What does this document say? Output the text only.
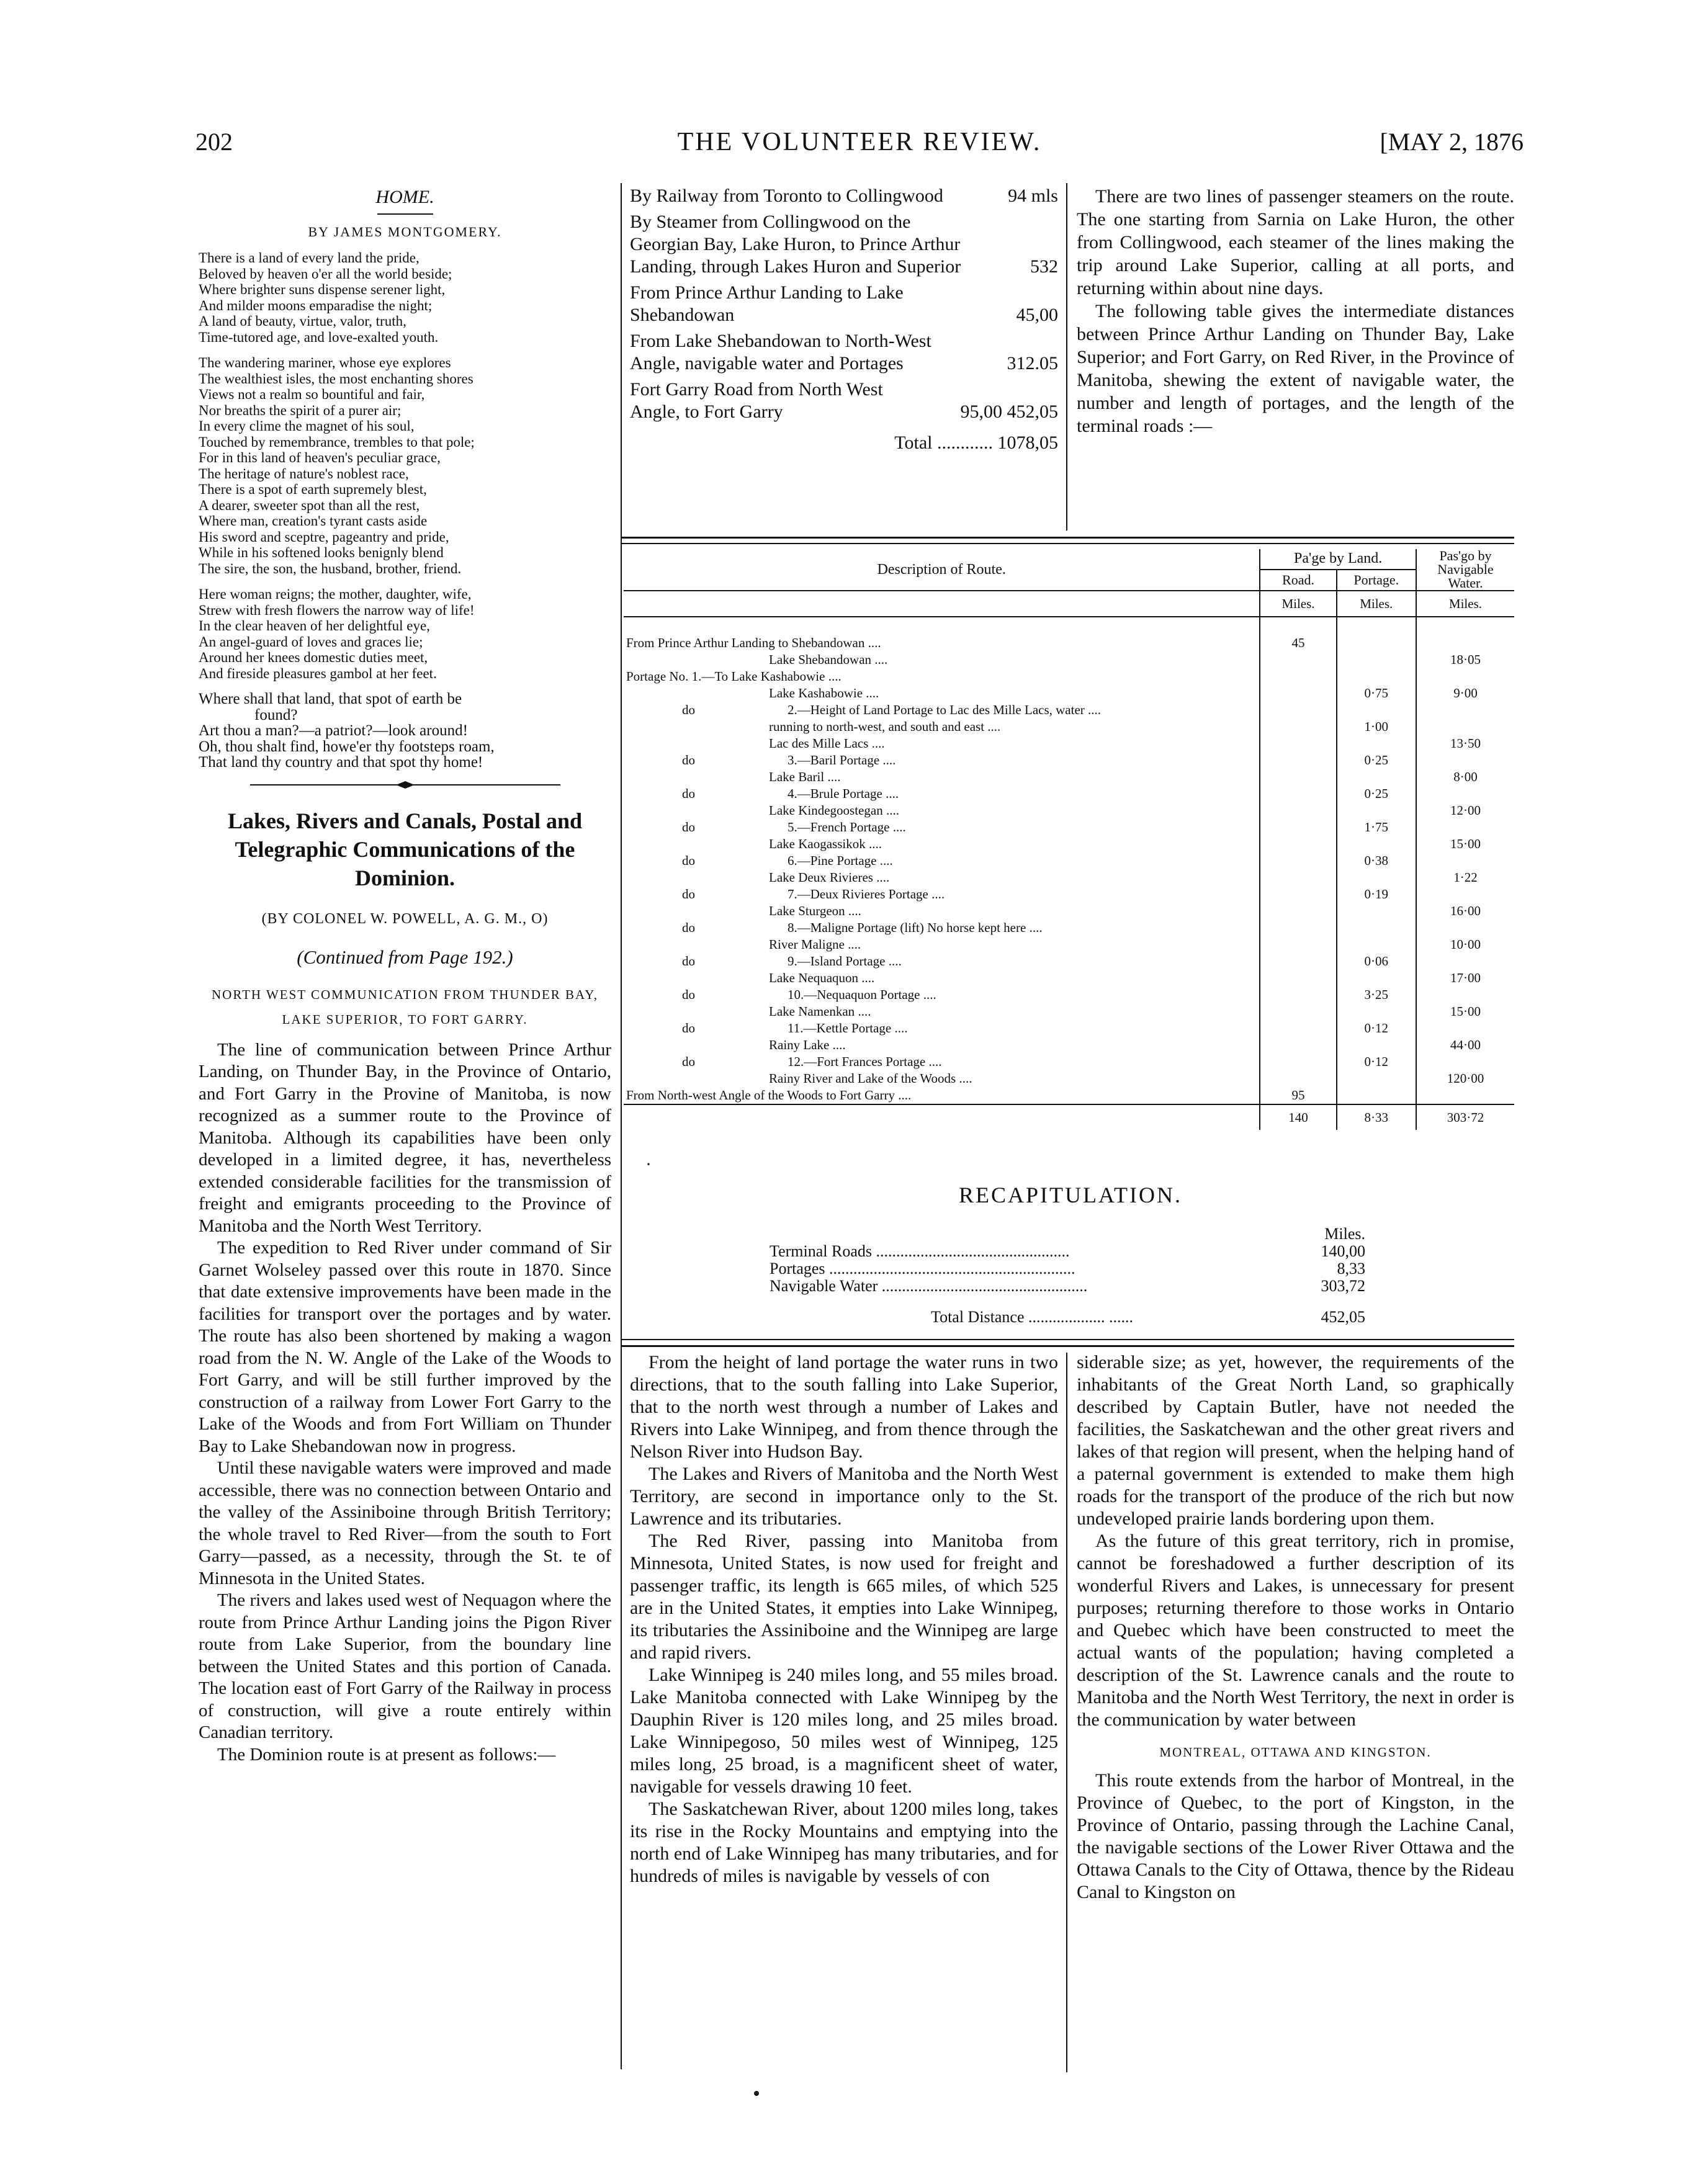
202	THE VOLUNTEER REVIEW.	[MAY 2, 1876
HOME.
BY JAMES MONTGOMERY.
There is a land of every land the pride,
Beloved by heaven o'er all the world beside;
Where brighter suns dispense serener light,
And milder moons emparadise the night;
A land of beauty, virtue, valor, truth,
Time-tutored age, and love-exalted youth.
The wandering mariner, whose eye explores
The wealthiest isles, the most enchanting shores
Views not a realm so bountiful and fair,
Nor breaths the spirit of a purer air;
In every clime the magnet of his soul,
Touched by remembrance, trembles to that pole;
For in this land of heaven's peculiar grace,
The heritage of nature's noblest race,
There is a spot of earth supremely blest,
A dearer, sweeter spot than all the rest,
Where man, creation's tyrant casts aside
His sword and sceptre, pageantry and pride,
While in his softened looks benignly blend
The sire, the son, the husband, brother, friend.
Here woman reigns; the mother, daughter, wife,
Strew with fresh flowers the narrow way of life!
In the clear heaven of her delightful eye,
An angel-guard of loves and graces lie;
Around her knees domestic duties meet,
And fireside pleasures gambol at her feet.
Where shall that land, that spot of earth be
found?
Art thou a man?—a patriot?—look around!
Oh, thou shalt find, howe'er thy footsteps roam,
That land thy country and that spot thy home!
Lakes, Rivers and Canals, Postal and Telegraphic Communications of the Dominion.
(BY COLONEL W. POWELL, A. G. M., O)
(Continued from Page 192.)
NORTH WEST COMMUNICATION FROM THUNDER BAY, LAKE SUPERIOR, TO FORT GARRY.

The line of communication between Prince Arthur Landing, on Thunder Bay, in the Province of Ontario, and Fort Garry in the Provine of Manitoba, is now recognized as a summer route to the Province of Manitoba. Although its capabilities have been only developed in a limited degree, it has, nevertheless extended considerable facilities for the transmission of freight and emigrants proceeding to the Province of Manitoba and the North West Territory.

The expedition to Red River under command of Sir Garnet Wolseley passed over this route in 1870. Since that date extensive improvements have been made in the facilities for transport over the portages and by water. The route has also been shortened by making a wagon road from the N. W. Angle of the Lake of the Woods to Fort Garry, and will be still further improved by the construction of a railway from Lower Fort Garry to the Lake of the Woods and from Fort William on Thunder Bay to Lake Shebandowan now in progress.

Until these navigable waters were improved and made accessible, there was no connection between Ontario and the valley of the Assiniboine through British Territory; the whole travel to Red River—from the south to Fort Garry—passed, as a necessity, through the St. te of Minnesota in the United States.

The rivers and lakes used west of Nequagon where the route from Prince Arthur Landing joins the Pigon River route from Lake Superior, from the boundary line between the United States and this portion of Canada. The location east of Fort Garry of the Railway in process of construction, will give a route entirely within Canadian territory.

The Dominion route is at present as follows:—

By Railway from Toronto to Collingwood	94 mls
By Steamer from Collingwood on the Georgian Bay, Lake Huron, to Prince Arthur Landing, through Lakes Huron and Superior	532
From Prince Arthur Landing to Lake Shebandowan	45,00
From Lake Shebandowan to North-West Angle, navigable water and Portages	312.05
Fort Garry Road from North West Angle, to Fort Garry	95,00 452,05
Total ............ 1078,05

There are two lines of passenger steamers on the route. The one starting from Sarnia on Lake Huron, the other from Collingwood, each steamer of the lines making the trip around Lake Superior, calling at all ports, and returning within about nine days.

The following table gives the intermediate distances between Prince Arthur Landing on Thunder Bay, Lake Superior; and Fort Garry, on Red River, in the Province of Manitoba, shewing the extent of navigable water, the number and length of portages, and the length of the terminal roads :—

Description of Route.	Pa'ge by Land.		Pas'go by Navigable Water.
	Road.	Portage.	
	Miles.	Miles.	Miles.

From Prince Arthur Landing to Shebandowan ....	45		
Lake Shebandowan ....			18·05
Portage No. 1.—To Lake Kashabowie ....			
Lake Kashabowie ....		0·75	9·00
do 2.—Height of Land Portage to Lac des Mille Lacs, water ....			
running to north-west, and south and east ....		1·00	
Lac des Mille Lacs ....			13·50
do 3.—Baril Portage ....		0·25	
Lake Baril ....			8·00
do 4.—Brule Portage ....		0·25	
Lake Kindegoostegan ....			12·00
do 5.—French Portage ....		1·75	
Lake Kaogassikok ....			15·00
do 6.—Pine Portage ....		0·38	
Lake Deux Rivieres ....			1·22
do 7.—Deux Rivieres Portage ....		0·19	
Lake Sturgeon ....			16·00
do 8.—Maligne Portage (lift) No horse kept here ....			
River Maligne ....			10·00
do 9.—Island Portage ....		0·06	
Lake Nequaquon ....			17·00
do 10.—Nequaquon Portage ....		3·25	
Lake Namenkan ....			15·00
do 11.—Kettle Portage ....		0·12	
Rainy Lake ....			44·00
do 12.—Fort Frances Portage ....		0·12	
Rainy River and Lake of the Woods ....			120·00
From North-west Angle of the Woods to Fort Garry ....	95		
	140	8·33	303·72
·
RECAPITULATION.
Miles.
Terminal Roads ................................................	140,00
Portages .............................................................	8,33
Navigable Water ...................................................	303,72
Total Distance ................... ......	452,05

From the height of land portage the water runs in two directions, that to the south falling into Lake Superior, that to the north west through a number of Lakes and Rivers into Lake Winnipeg, and from thence through the Nelson River into Hudson Bay.

The Lakes and Rivers of Manitoba and the North West Territory, are second in importance only to the St. Lawrence and its tributaries.

The Red River, passing into Manitoba from Minnesota, United States, is now used for freight and passenger traffic, its length is 665 miles, of which 525 are in the United States, it empties into Lake Winnipeg, its tributaries the Assiniboine and the Winnipeg are large and rapid rivers.

Lake Winnipeg is 240 miles long, and 55 miles broad. Lake Manitoba connected with Lake Winnipeg by the Dauphin River is 120 miles long, and 25 miles broad. Lake Winnipegoso, 50 miles west of Winnipeg, 125 miles long, 25 broad, is a magnificent sheet of water, navigable for vessels drawing 10 feet.

The Saskatchewan River, about 1200 miles long, takes its rise in the Rocky Mountains and emptying into the north end of Lake Winnipeg has many tributaries, and for hundreds of miles is navigable by vessels of con

siderable size; as yet, however, the requirements of the inhabitants of the Great North Land, so graphically described by Captain Butler, have not needed the facilities, the Saskatchewan and the other great rivers and lakes of that region will present, when the helping hand of a paternal government is extended to make them high roads for the transport of the produce of the rich but now undeveloped prairie lands bordering upon them.

As the future of this great territory, rich in promise, cannot be foreshadowed a further description of its wonderful Rivers and Lakes, is unnecessary for present purposes; returning therefore to those works in Ontario and Quebec which have been constructed to meet the actual wants of the population; having completed a description of the St. Lawrence canals and the route to Manitoba and the North West Territory, the next in order is the communication by water between

MONTREAL, OTTAWA AND KINGSTON.

This route extends from the harbor of Montreal, in the Province of Quebec, to the port of Kingston, in the Province of Ontario, passing through the Lachine Canal, the navigable sections of the Lower River Ottawa and the Ottawa Canals to the City of Ottawa, thence by the Rideau Canal to Kingston on
